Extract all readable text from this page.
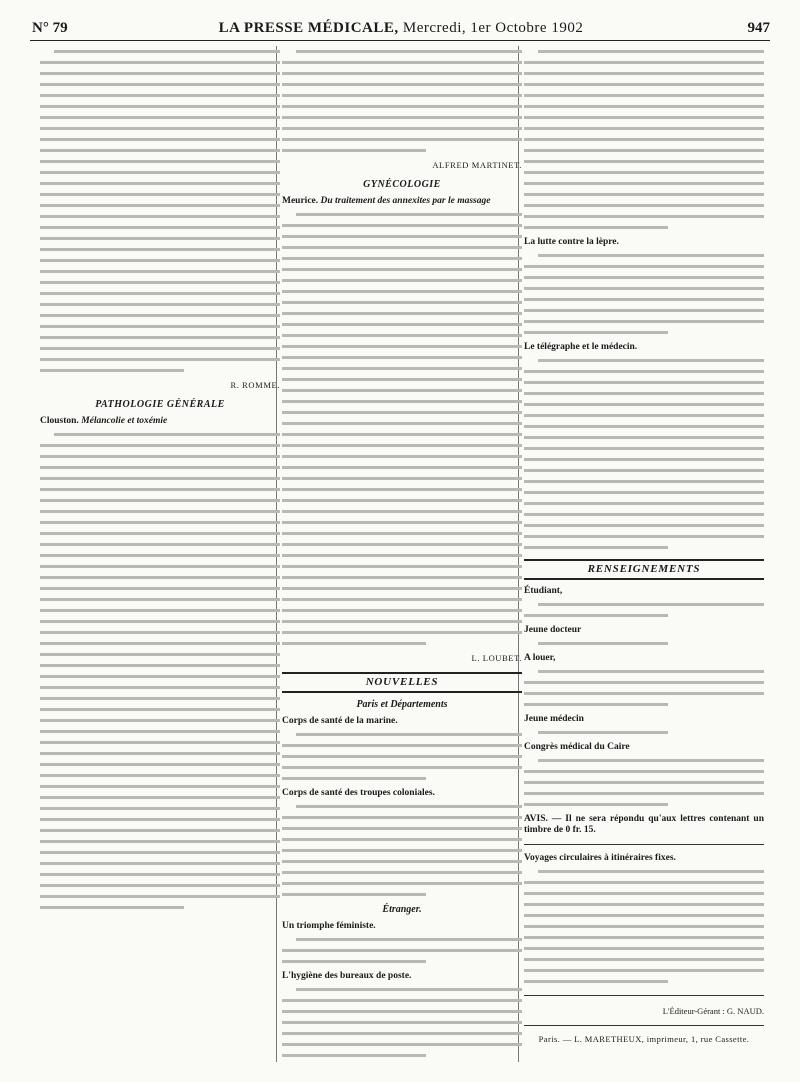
N° 79	LA PRESSE MÉDICALE, Mercredi, 1er Octobre 1902	947
R. ROMME.
PATHOLOGIE GÉNÉRALE
Clouston. Mélancolie et toxémie
ALFRED MARTINET.
GYNÉCOLOGIE
Meurice. Du traitement des annexites par le massage
L. LOUBET.
NOUVELLES
Paris et Départements
Corps de santé de la marine.
Corps de santé des troupes coloniales.
Étranger.
Un triomphe féministe.
L'hygiène des bureaux de poste.
La lutte contre la lèpre.
Le télégraphe et le médecin.
RENSEIGNEMENTS
Étudiant,
Jeune docteur
A louer,
Jeune médecin
Congrès médical du Caire
AVIS. — Il ne sera répondu qu'aux lettres contenant un timbre de 0 fr. 15.
Voyages circulaires à itinéraires fixes.
L'Éditeur-Gérant : G. NAUD.
Paris. — L. MARETHEUX, imprimeur, 1, rue Cassette.
